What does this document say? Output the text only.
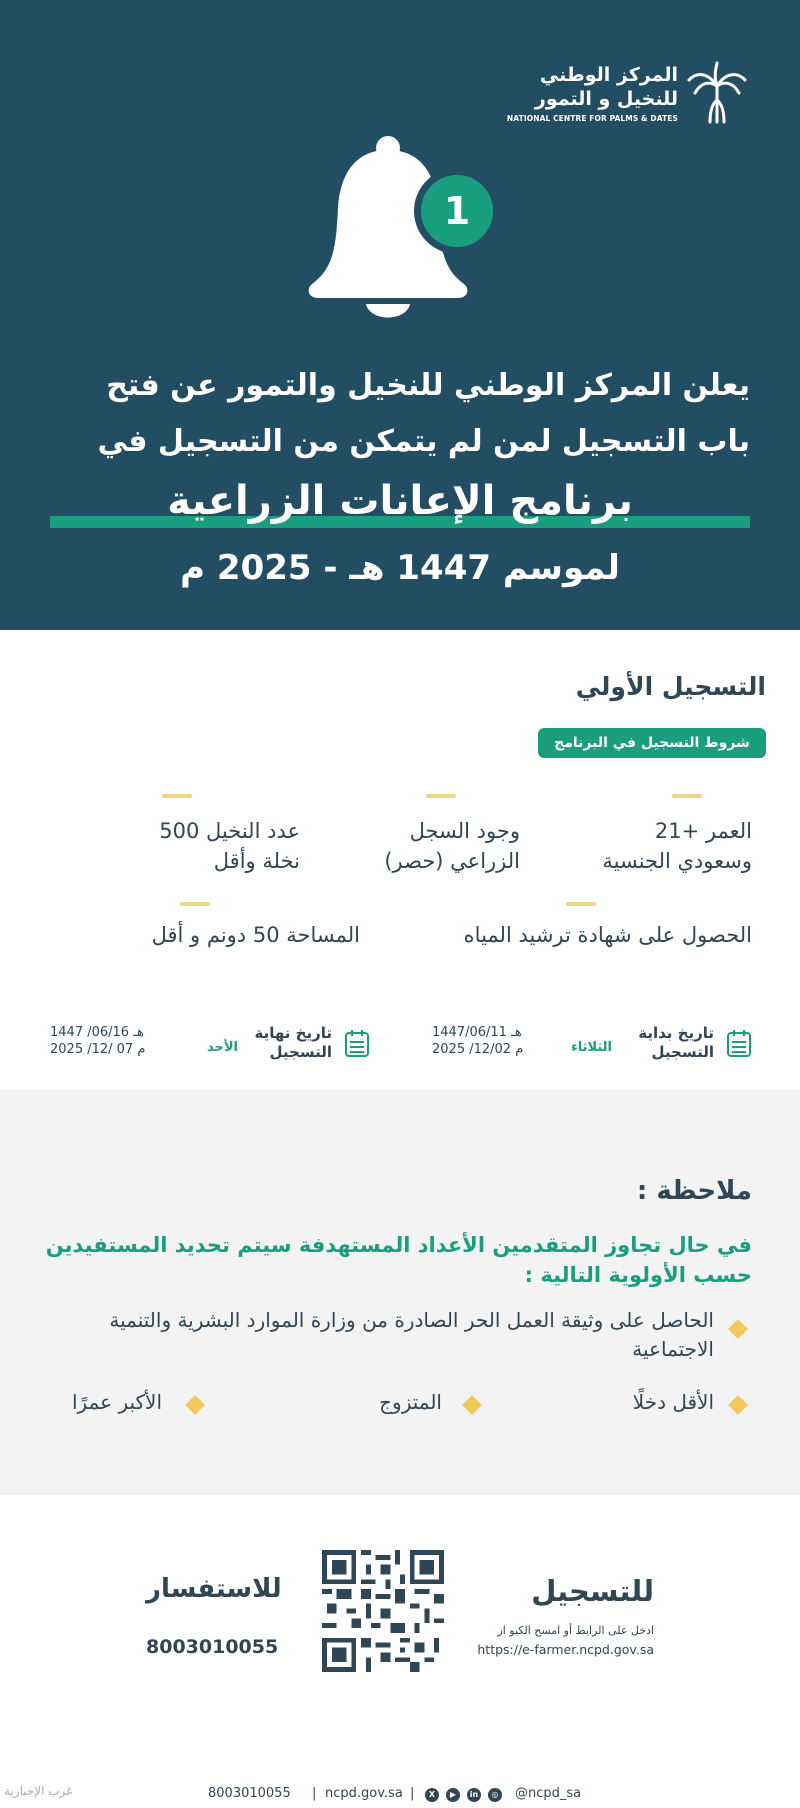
المركز الوطني
للنخيل و التمور
NATIONAL CENTRE FOR PALMS & DATES
1
يعلن المركز الوطني للنخيل والتمور عن فتح
باب التسجيل لمن لم يتمكن من التسجيل في
برنامج الإعانات الزراعية
لموسم 1447 هـ - 2025 م
التسجيل الأولي
شروط التسجيل في البرنامج
العمر +21
وسعودي الجنسية
وجود السجل
الزراعي (حصر)
عدد النخيل 500
نخلة وأقل
الحصول على شهادة ترشيد المياه
المساحة 50 دونم و أقل
تاريخ بداية
التسجيل
الثلاثاء
1447/06/11 هـ
2025 /12/02 م
تاريخ نهاية
التسجيل
الأحد
1447 /06/16 هـ
2025 /12/ 07 م
ملاحظة :
في حال تجاوز المتقدمين الأعداد المستهدفة سيتم تحديد المستفيدين حسب الأولوية التالية :
الحاصل على وثيقة العمل الحر الصادرة من وزارة الموارد البشرية والتنمية الاجتماعية
الأقل دخلًا
المتزوج
الأكبر عمرًا
للتسجيل
ادخل على الرابط أو امسح الكيو ار
https://e-farmer.ncpd.gov.sa
للاستفسار
8003010055
8003010055 | ncpd.gov.sa |	X	▶	in	◎ @ncpd_sa
غرب الإخبارية
